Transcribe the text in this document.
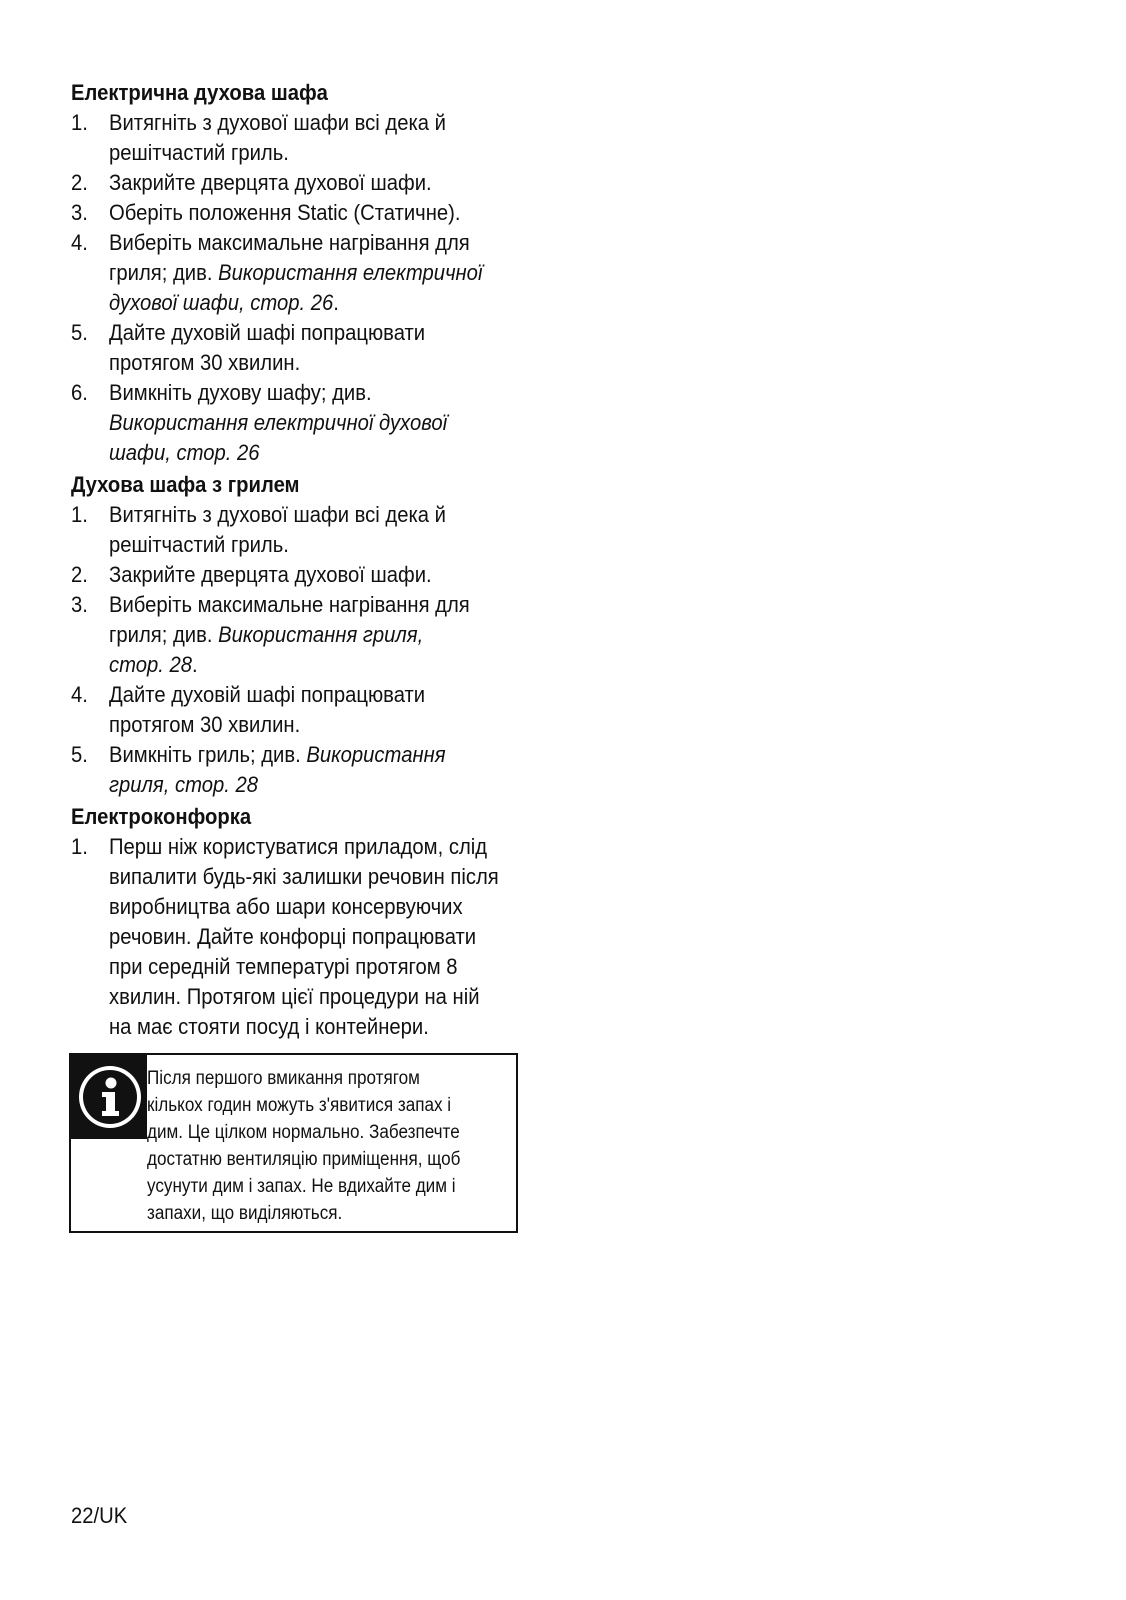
Електрична духова шафа
1. Витягніть з духової шафи всі дека й
решітчастий гриль.
2. Закрийте дверцята духової шафи.
3. Оберіть положення Static (Статичне).
4. Виберіть максимальне нагрівання для
гриля; див. Використання електричної
духової шафи, стор. 26.
5. Дайте духовій шафі попрацювати
протягом 30 хвилин.
6. Вимкніть духову шафу; див.
Використання електричної духової
шафи, стор. 26
Духова шафа з грилем
1. Витягніть з духової шафи всі дека й
решітчастий гриль.
2. Закрийте дверцята духової шафи.
3. Виберіть максимальне нагрівання для
гриля; див. Використання гриля,
стор. 28.
4. Дайте духовій шафі попрацювати
протягом 30 хвилин.
5. Вимкніть гриль; див. Використання
гриля, стор. 28
Електроконфорка
1. Перш ніж користуватися приладом, слід
випалити будь-які залишки речовин після
виробництва або шари консервуючих
речовин. Дайте конфорці попрацювати
при середній температурі протягом 8
хвилин. Протягом цієї процедури на ній
на має стояти посуд і контейнери.
Після першого вмикання протягом
кількох годин можуть з'явитися запах і
дим. Це цілком нормально. Забезпечте
достатню вентиляцію приміщення, щоб
усунути дим і запах. Не вдихайте дим і
запахи, що виділяються.
22/UK
